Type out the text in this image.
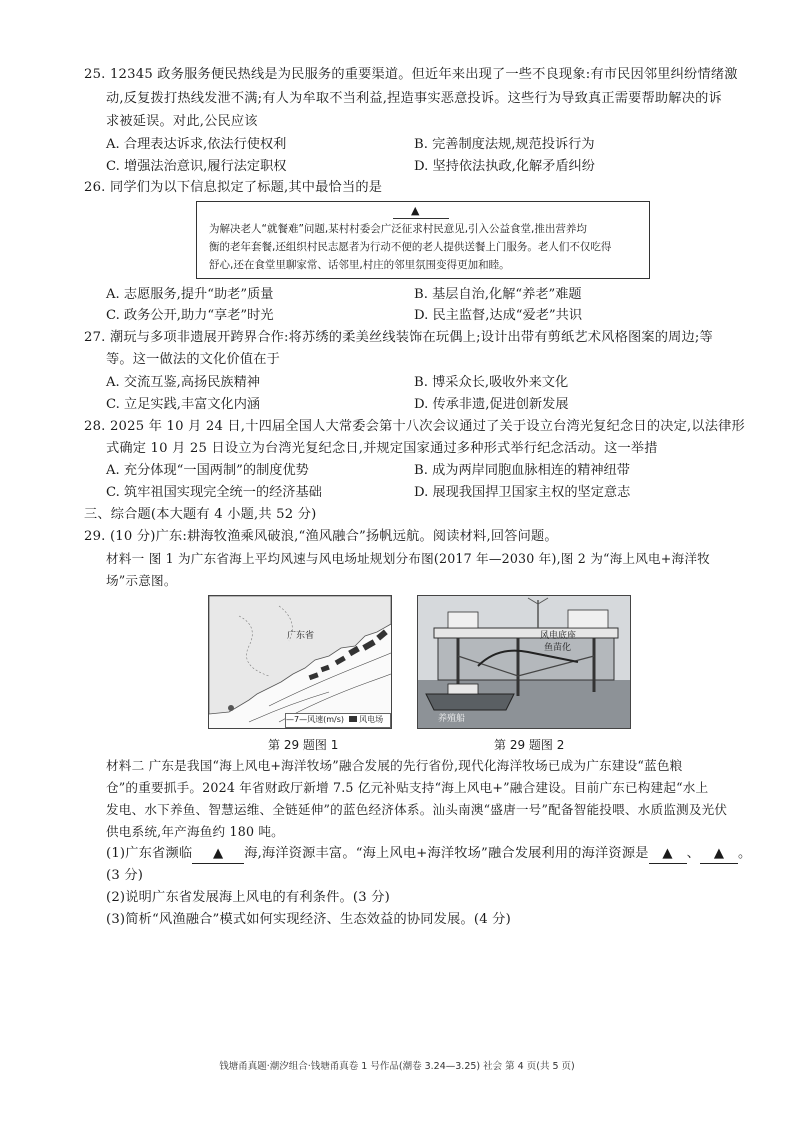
25. 12345 政务服务便民热线是为民服务的重要渠道。但近年来出现了一些不良现象:有市民因邻里纠纷情绪激
动,反复拨打热线发泄不满;有人为牟取不当利益,捏造事实恶意投诉。这些行为导致真正需要帮助解决的诉
求被延误。对此,公民应该
A. 合理表达诉求,依法行使权利	B. 完善制度法规,规范投诉行为
C. 增强法治意识,履行法定职权	D. 坚持依法执政,化解矛盾纠纷
26. 同学们为以下信息拟定了标题,其中最恰当的是
▲
为解决老人“就餐难”问题,某村村委会广泛征求村民意见,引入公益食堂,推出营养均
衡的老年套餐,还组织村民志愿者为行动不便的老人提供送餐上门服务。老人们不仅吃得
舒心,还在食堂里聊家常、话邻里,村庄的邻里氛围变得更加和睦。
A. 志愿服务,提升“助老”质量	B. 基层自治,化解“养老”难题
C. 政务公开,助力“享老”时光	D. 民主监督,达成“爱老”共识
27. 潮玩与多项非遗展开跨界合作:将苏绣的柔美丝线装饰在玩偶上;设计出带有剪纸艺术风格图案的周边;等
等。这一做法的文化价值在于
A. 交流互鉴,高扬民族精神	B. 博采众长,吸收外来文化
C. 立足实践,丰富文化内涵	D. 传承非遗,促进创新发展
28. 2025 年 10 月 24 日,十四届全国人大常委会第十八次会议通过了关于设立台湾光复纪念日的决定,以法律形
式确定 10 月 25 日设立为台湾光复纪念日,并规定国家通过多种形式举行纪念活动。这一举措
A. 充分体现“一国两制”的制度优势	B. 成为两岸同胞血脉相连的精神纽带
C. 筑牢祖国实现完全统一的经济基础	D. 展现我国捍卫国家主权的坚定意志
三、综合题(本大题有 4 小题,共 52 分)
29. (10 分)广东:耕海牧渔乘风破浪,“渔风融合”扬帆远航。阅读材料,回答问题。
材料一 图 1 为广东省海上平均风速与风电场址规划分布图(2017 年—2030 年),图 2 为“海上风电+海洋牧
场”示意图。
广东省
—7—风速(m/s) 风电场
第 29 题图 1
风电底座
鱼苗化
养殖船
第 29 题图 2
材料二 广东是我国“海上风电+海洋牧场”融合发展的先行省份,现代化海洋牧场已成为广东建设“蓝色粮
仓”的重要抓手。2024 年省财政厅新增 7.5 亿元补贴支持“海上风电+”融合建设。目前广东已构建起“水上
发电、水下养鱼、智慧运维、全链延伸”的蓝色经济体系。汕头南澳“盛唐一号”配备智能投喂、水质监测及光伏
供电系统,年产海鱼约 180 吨。
(1)广东省濒临 ▲ 海,海洋资源丰富。“海上风电+海洋牧场”融合发展利用的海洋资源是 ▲ 、 ▲ 。
(3 分)
(2)说明广东省发展海上风电的有利条件。(3 分)
(3)简析“风渔融合”模式如何实现经济、生态效益的协同发展。(4 分)
钱塘甬真题·潮汐组合·钱塘甬真卷 1 号作品(潮卷 3.24—3.25) 社会 第 4 页(共 5 页)
